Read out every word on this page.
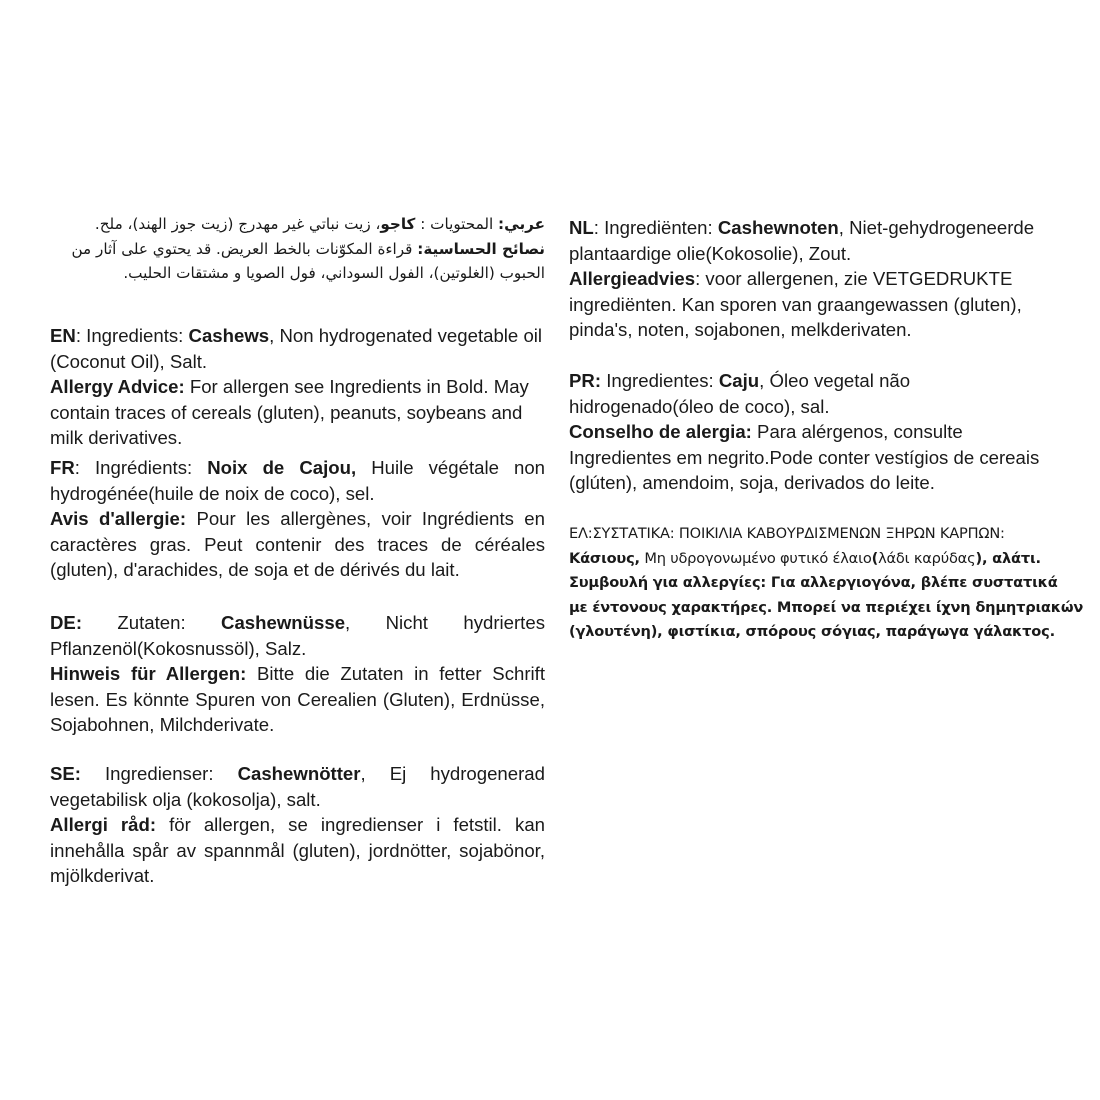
عربي: المحتويات : كاجو، زيت نباتي غير مهدرج (زيت جوز الهند)، ملح.

نصائح الحساسية: قراءة المكوّنات بالخط العريض. قد يحتوي على آثار من الحبوب (الغلوتين)، الفول السوداني، فول الصويا و مشتقات الحليب.

EN: Ingredients: Cashews, Non hydrogenated vegetable oil (Coconut Oil), Salt.

Allergy Advice: For allergen see Ingredients in Bold. May contain traces of cereals (gluten), peanuts, soybeans and milk derivatives.

FR: Ingrédients: Noix de Cajou, Huile végétale non hydrogénée(huile de noix de coco), sel.

Avis d'allergie: Pour les allergènes, voir Ingrédients en caractères gras. Peut contenir des traces de céréales (gluten), d'arachides, de soja et de dérivés du lait.

DE: Zutaten: Cashewnüsse, Nicht hydriertes Pflanzenöl(Kokosnussöl), Salz.

Hinweis für Allergen: Bitte die Zutaten in fetter Schrift lesen. Es könnte Spuren von Cerealien (Gluten), Erdnüsse, Sojabohnen, Milchderivate.

SE: Ingredienser: Cashewnötter, Ej hydrogenerad vegetabilisk olja (kokosolja), salt.

Allergi råd: för allergen, se ingredienser i fetstil. kan innehålla spår av spannmål (gluten), jordnötter, sojabönor, mjölkderivat.

NL: Ingrediënten: Cashewnoten, Niet-gehydrogeneerde plantaardige olie(Kokosolie), Zout.

Allergieadvies: voor allergenen, zie VETGEDRUKTE ingrediënten. Kan sporen van graangewassen (gluten), pinda's, noten, sojabonen, melkderivaten.

PR: Ingredientes: Caju, Óleo vegetal não hidrogenado(óleo de coco), sal.

Conselho de alergia: Para alérgenos, consulte Ingredientes em negrito.Pode conter vestígios de cereais (glúten), amendoim, soja, derivados do leite.

ΕΛ:ΣΥΣΤΑΤΙΚΑ: ΠΟΙΚΙΛΙΑ ΚΑΒΟΥΡΔΙΣΜΕΝΩΝ ΞΗΡΩΝ ΚΑΡΠΩΝ:

Κάσιους, Μη υδρογονωμένο φυτικό έλαιο(λάδι καρύδας), αλάτι.

Συμβουλή για αλλεργίες: Για αλλεργιογόνα, βλέπε συστατικά

με έντονους χαρακτήρες. Μπορεί να περιέχει ίχνη δημητριακών

(γλουτένη), φιστίκια, σπόρους σόγιας, παράγωγα γάλακτος.
